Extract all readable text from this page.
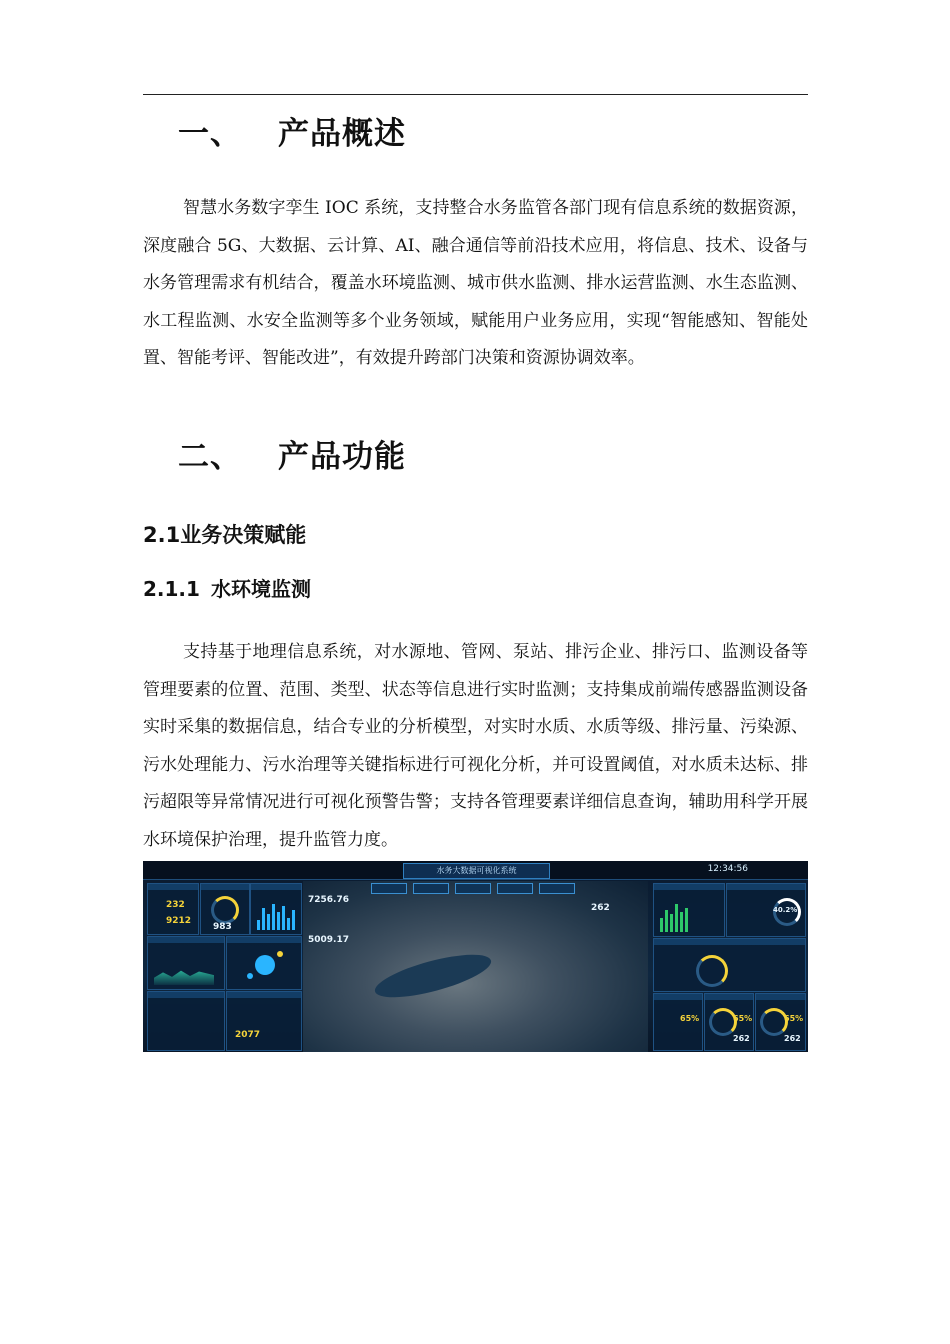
一、 产品概述

智慧水务数字孪生 IOC 系统，支持整合水务监管各部门现有信息系统的数据资源，深度融合 5G、大数据、云计算、AI、融合通信等前沿技术应用，将信息、技术、设备与水务管理需求有机结合，覆盖水环境监测、城市供水监测、排水运营监测、水生态监测、水工程监测、水安全监测等多个业务领域，赋能用户业务应用，实现“智能感知、智能处置、智能考评、智能改进”，有效提升跨部门决策和资源协调效率。

二、 产品功能
2.1业务决策赋能
2.1.1 水环境监测

支持基于地理信息系统，对水源地、管网、泵站、排污企业、排污口、监测设备等管理要素的位置、范围、类型、状态等信息进行实时监测；支持集成前端传感器监测设备实时采集的数据信息，结合专业的分析模型，对实时水质、水质等级、排污量、污染源、污水处理能力、污水治理等关键指标进行可视化分析，并可设置阈值，对水质未达标、排污超限等异常情况进行可视化预警告警；支持各管理要素详细信息查询，辅助用科学开展水环境保护治理，提升监管力度。

水务大数据可视化系统	12:34:56
232
9212
983
2077
7256.76
5009.17
262	40.2%
65%	65%
262
65%
262
